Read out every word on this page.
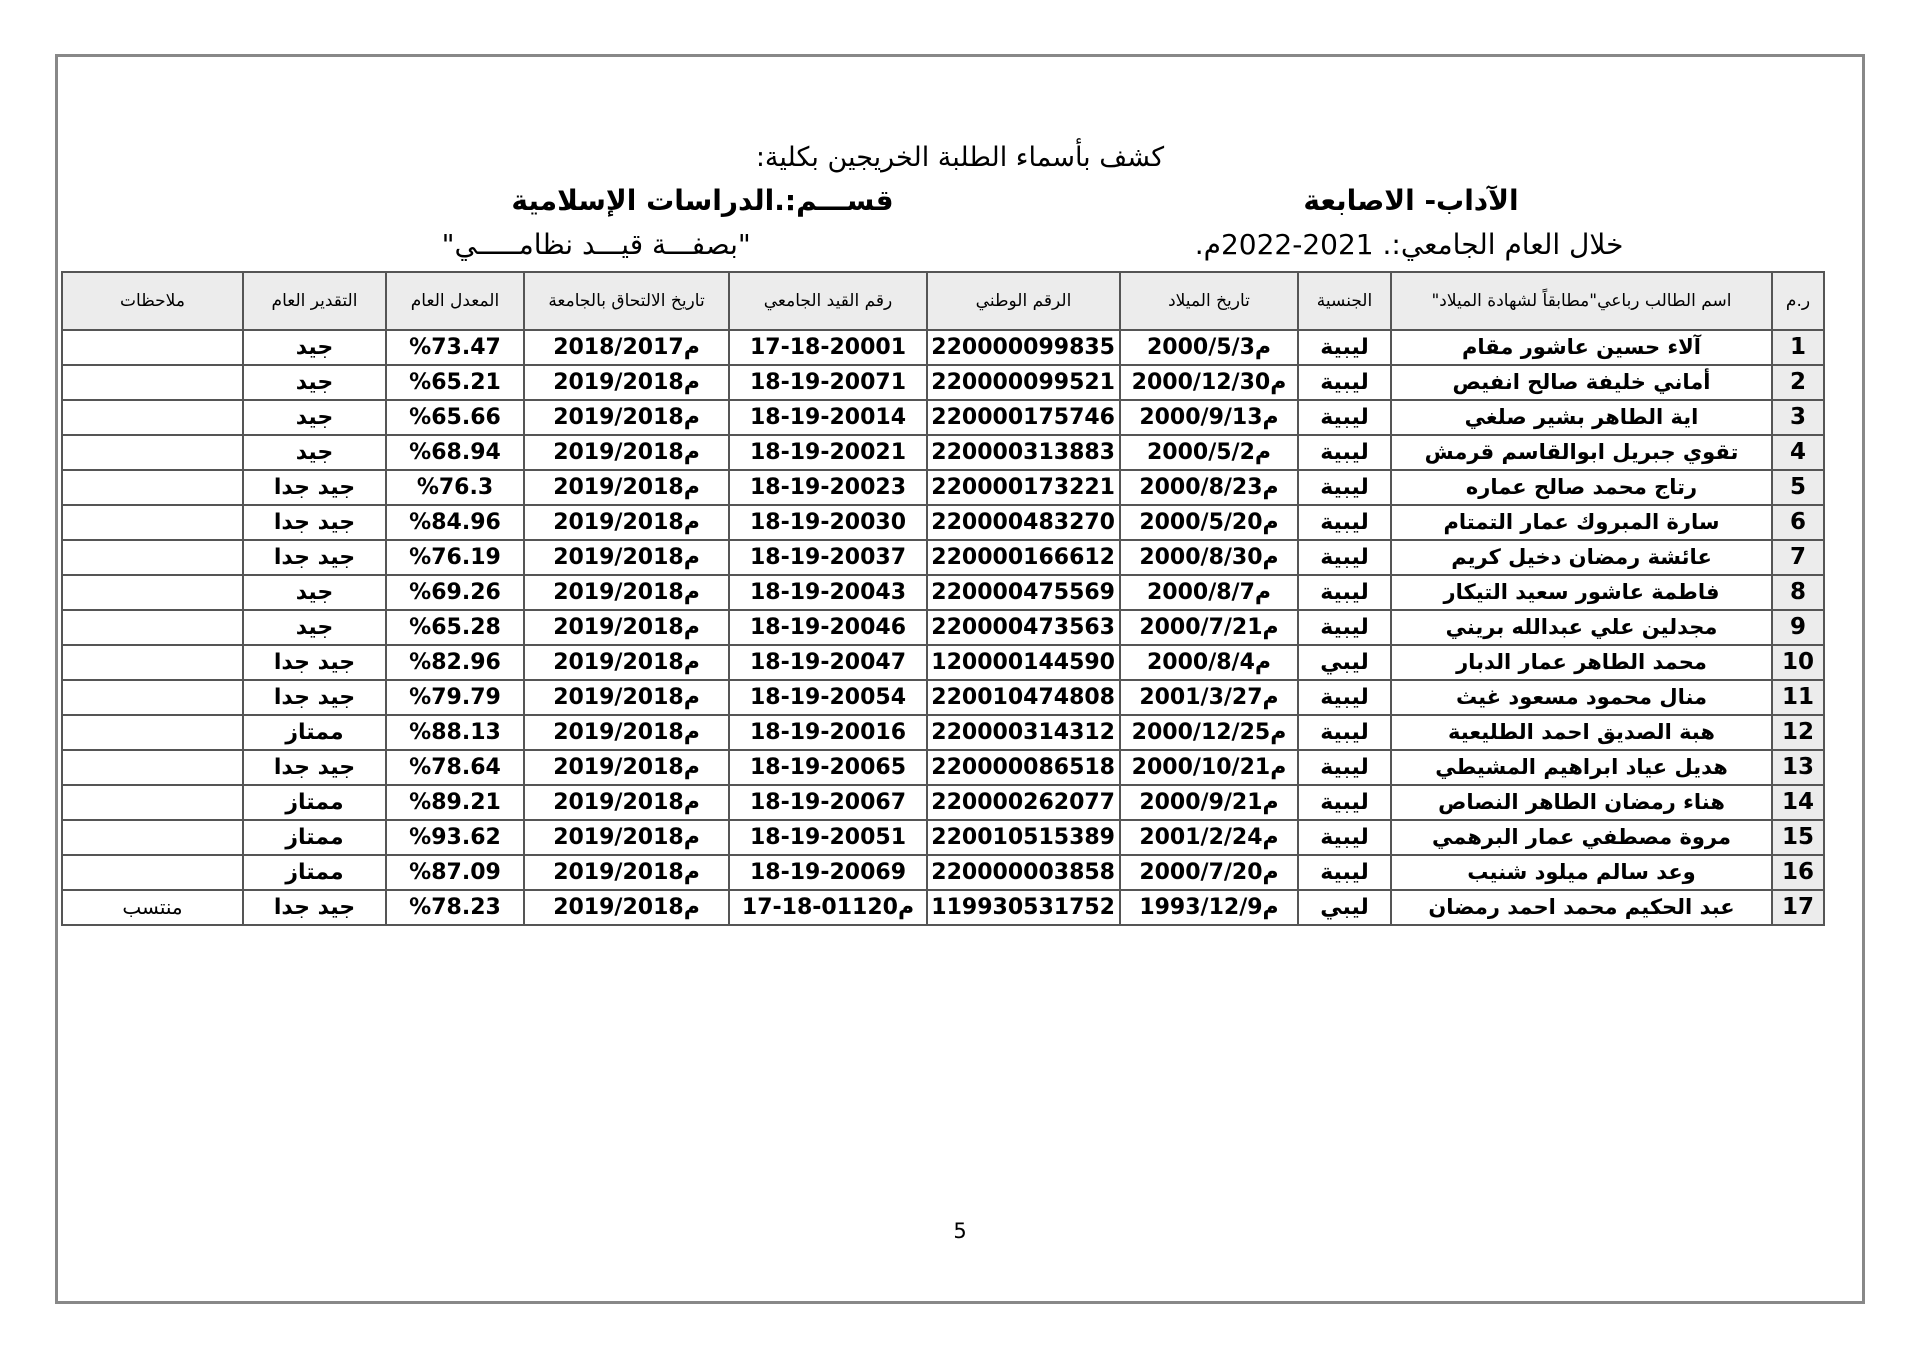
كشف بأسماء الطلبة الخريجين بكلية:
الآداب- الاصابعة قســـم:.الدراسات الإسلامية
خلال العام الجامعي:. 2021-2022م. "بصفـــة قيـــد نظامـــــي"
ر.م	اسم الطالب رباعي"مطابقاً لشهادة الميلاد"	الجنسية	تاريخ الميلاد	الرقم الوطني	رقم القيد الجامعي	تاريخ الالتحاق بالجامعة	المعدل العام	التقدير العام	ملاحظات
1	آلاء حسين عاشور مقام	ليبية	2000/5/3م	220000099835	17-18-20001	2018/2017م	%73.47	جيد	
2	أماني خليفة صالح انفيص	ليبية	2000/12/30م	220000099521	18-19-20071	2019/2018م	%65.21	جيد	
3	اية الطاهر بشير صلغي	ليبية	2000/9/13م	220000175746	18-19-20014	2019/2018م	%65.66	جيد	
4	تقوي جبريل ابوالقاسم قرمش	ليبية	2000/5/2م	220000313883	18-19-20021	2019/2018م	%68.94	جيد	
5	رتاج محمد صالح عماره	ليبية	2000/8/23م	220000173221	18-19-20023	2019/2018م	%76.3	جيد جدا	
6	سارة المبروك عمار التمتام	ليبية	2000/5/20م	220000483270	18-19-20030	2019/2018م	%84.96	جيد جدا	
7	عائشة رمضان دخيل كريم	ليبية	2000/8/30م	220000166612	18-19-20037	2019/2018م	%76.19	جيد جدا	
8	فاطمة عاشور سعيد التيكار	ليبية	2000/8/7م	220000475569	18-19-20043	2019/2018م	%69.26	جيد	
9	مجدلين علي عبدالله بريني	ليبية	2000/7/21م	220000473563	18-19-20046	2019/2018م	%65.28	جيد	
10	محمد الطاهر عمار الدبار	ليبي	2000/8/4م	120000144590	18-19-20047	2019/2018م	%82.96	جيد جدا	
11	منال محمود مسعود غيث	ليبية	2001/3/27م	220010474808	18-19-20054	2019/2018م	%79.79	جيد جدا	
12	هبة الصديق احمد الطليعية	ليبية	2000/12/25م	220000314312	18-19-20016	2019/2018م	%88.13	ممتاز	
13	هديل عياد ابراهيم المشيطي	ليبية	2000/10/21م	220000086518	18-19-20065	2019/2018م	%78.64	جيد جدا	
14	هناء رمضان الطاهر النصاص	ليبية	2000/9/21م	220000262077	18-19-20067	2019/2018م	%89.21	ممتاز	
15	مروة مصطفي عمار البرهمي	ليبية	2001/2/24م	220010515389	18-19-20051	2019/2018م	%93.62	ممتاز	
16	وعد سالم ميلود شنيب	ليبية	2000/7/20م	220000003858	18-19-20069	2019/2018م	%87.09	ممتاز	
17	عبد الحكيم محمد احمد رمضان	ليبي	1993/12/9م	119930531752	17-18-011م20	2019/2018م	%78.23	جيد جدا	منتسب
5
